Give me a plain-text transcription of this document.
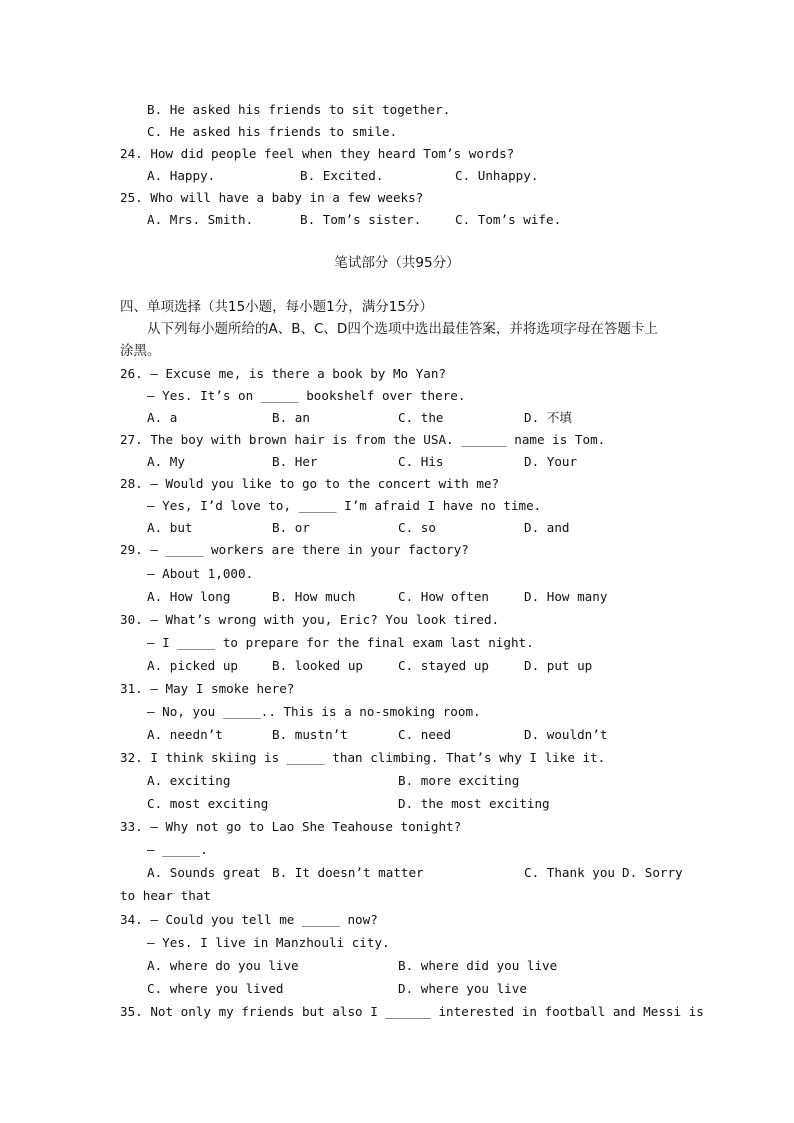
B. He asked his friends to sit together.
C. He asked his friends to smile.
24. How did people feel when they heard Tom’s words?
A. Happy.	B. Excited.	C. Unhappy.
25. Who will have a baby in a few weeks?
A. Mrs. Smith.	B. Tom’s sister.	C. Tom’s wife.
笔试部分（共95分）
四、单项选择（共15小题，每小题1分，满分15分）
从下列每小题所给的A、B、C、D四个选项中选出最佳答案，并将选项字母在答题卡上
涂黑。
26. — Excuse me, is there a book by Mo Yan?
— Yes. It’s on _____ bookshelf over there.
A. a	B. an	C. the	D. 不填
27. The boy with brown hair is from the USA. ______ name is Tom.
A. My	B. Her	C. His	D. Your
28. — Would you like to go to the concert with me?
— Yes, I’d love to, _____ I’m afraid I have no time.
A. but	B. or	C. so	D. and
29. — _____ workers are there in your factory?
— About 1,000.
A. How long	B. How much	C. How often	D. How many
30. — What’s wrong with you, Eric? You look tired.
— I _____ to prepare for the final exam last night.
A. picked up	B. looked up	C. stayed up	D. put up
31. — May I smoke here?
— No, you _____.. This is a no-smoking room.
A. needn’t	B. mustn’t	C. need	D. wouldn’t
32. I think skiing is _____ than climbing. That’s why I like it.
A. exciting	B. more exciting
C. most exciting	D. the most exciting
33. — Why not go to Lao She Teahouse tonight?
— _____.
A. Sounds great B. It doesn’t matter	C. Thank you D. Sorry
to hear that
34. — Could you tell me _____ now?
— Yes. I live in Manzhouli city.
A. where do you live	B. where did you live
C. where you lived	D. where you live
35. Not only my friends but also I ______ interested in football and Messi is
